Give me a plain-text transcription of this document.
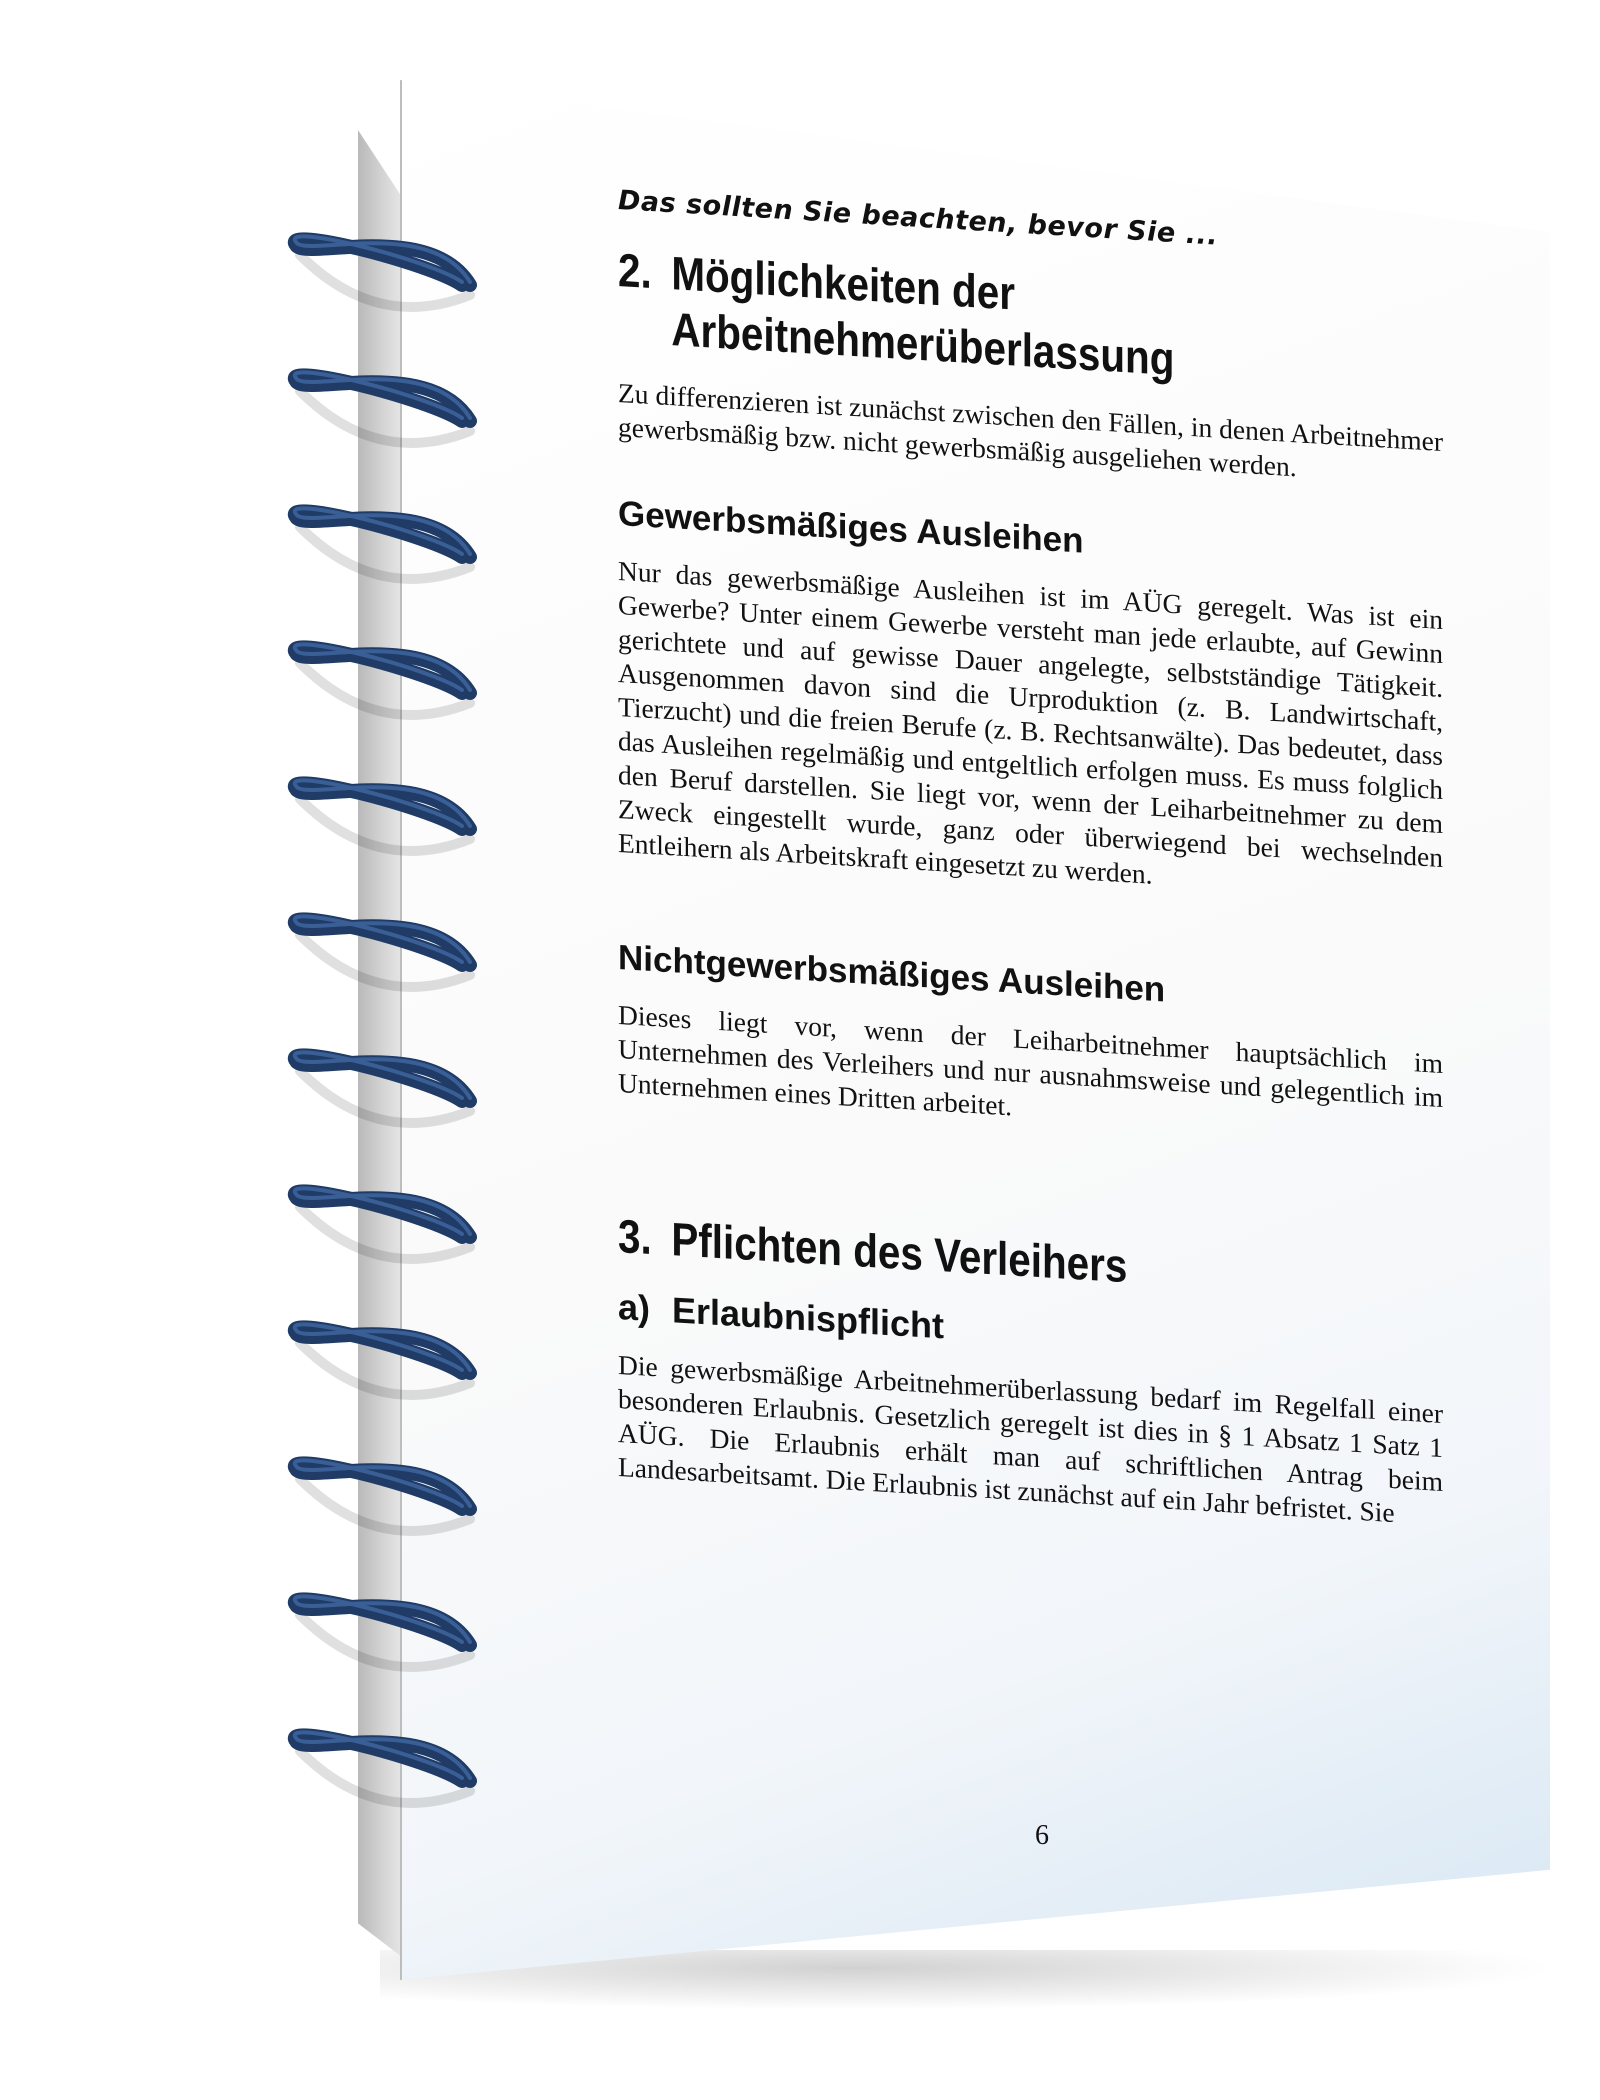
Das sollten Sie beachten, bevor Sie ...

2. Möglichkeiten der
Arbeitnehmerüberlassung

Zu differenzieren ist zunächst zwischen den Fällen, in denen Arbeitnehmer gewerbsmäßig bzw. nicht gewerbsmäßig ausgeliehen werden.

Gewerbsmäßiges Ausleihen

Nur das gewerbsmäßige Ausleihen ist im AÜG geregelt. Was ist ein Gewerbe? Unter einem Gewerbe versteht man jede erlaubte, auf Gewinn gerichtete und auf gewisse Dauer angelegte, selbstständige Tätigkeit. Ausgenommen davon sind die Urproduktion (z. B. Landwirtschaft, Tierzucht) und die freien Berufe (z. B. Rechtsanwälte). Das bedeutet, dass das Ausleihen regelmäßig und entgeltlich erfolgen muss. Es muss folglich den Beruf darstellen. Sie liegt vor, wenn der Leiharbeitnehmer zu dem Zweck eingestellt wurde, ganz oder überwiegend bei wechselnden Entleihern als Arbeitskraft eingesetzt zu werden.

Nichtgewerbsmäßiges Ausleihen

Dieses liegt vor, wenn der Leiharbeitnehmer hauptsächlich im Unternehmen des Verleihers und nur ausnahmsweise und gelegentlich im Unternehmen eines Dritten arbeitet.

3. Pflichten des Verleihers
a) Erlaubnispflicht

Die gewerbsmäßige Arbeitnehmerüberlassung bedarf im Regelfall einer besonderen Erlaubnis. Gesetzlich geregelt ist dies in § 1 Absatz 1 Satz 1 AÜG. Die Erlaubnis erhält man auf schriftlichen Antrag beim Landesarbeitsamt. Die Erlaubnis ist zunächst auf ein Jahr befristet. Sie

6
